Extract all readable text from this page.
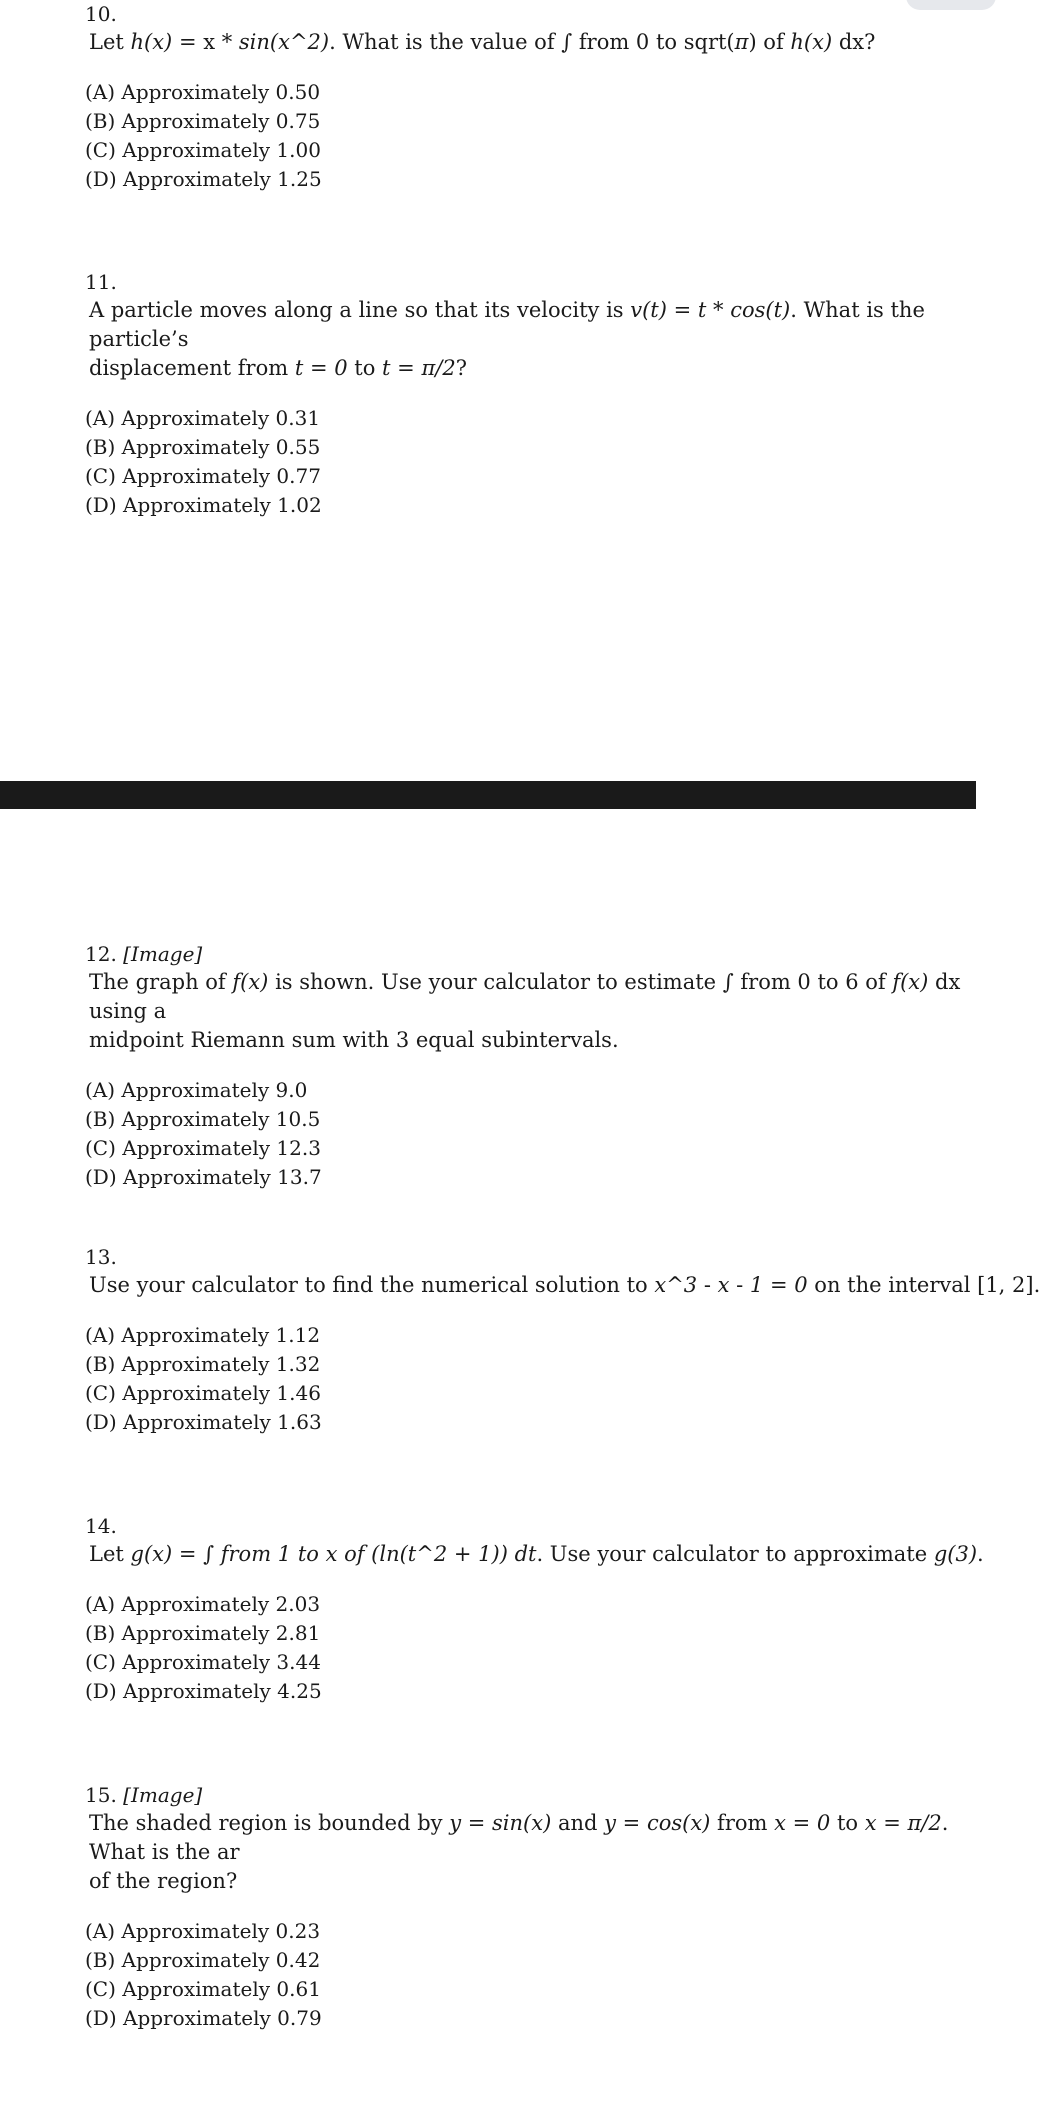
10.

Let h(x) = x * sin(x^2). What is the value of ∫ from 0 to sqrt(π) of h(x) dx?

(A) Approximately 0.50
(B) Approximately 0.75
(C) Approximately 1.00
(D) Approximately 1.25
11.

A particle moves along a line so that its velocity is v(t) = t * cos(t). What is the particle’s
displacement from t = 0 to t = π/2?

(A) Approximately 0.31
(B) Approximately 0.55
(C) Approximately 0.77
(D) Approximately 1.02
12. [Image]

The graph of f(x) is shown. Use your calculator to estimate ∫ from 0 to 6 of f(x) dx using a
midpoint Riemann sum with 3 equal subintervals.

(A) Approximately 9.0
(B) Approximately 10.5
(C) Approximately 12.3
(D) Approximately 13.7
13.

Use your calculator to find the numerical solution to x^3 - x - 1 = 0 on the interval [1, 2].

(A) Approximately 1.12
(B) Approximately 1.32
(C) Approximately 1.46
(D) Approximately 1.63
14.

Let g(x) = ∫ from 1 to x of (ln(t^2 + 1)) dt. Use your calculator to approximate g(3).

(A) Approximately 2.03
(B) Approximately 2.81
(C) Approximately 3.44
(D) Approximately 4.25
15. [Image]

The shaded region is bounded by y = sin(x) and y = cos(x) from x = 0 to x = π/2. What is the ar
of the region?

(A) Approximately 0.23
(B) Approximately 0.42
(C) Approximately 0.61
(D) Approximately 0.79
